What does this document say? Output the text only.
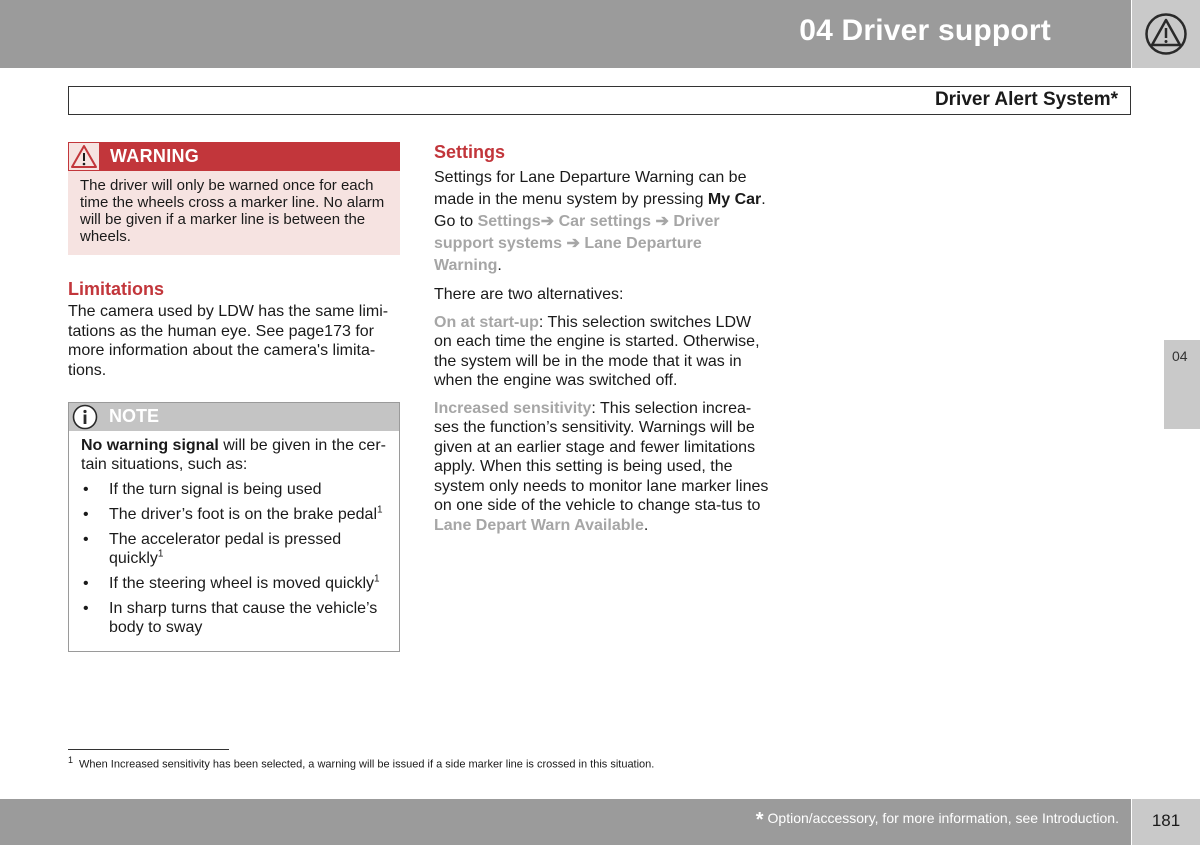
04 Driver support
Driver Alert System*
04
WARNING
The driver will only be warned once for each time the wheels cross a marker line. No alarm will be given if a marker line is between the wheels.
Limitations

The camera used by LDW has the same limi-tations as the human eye. See page173 for more information about the camera's limita-tions.

NOTE

No warning signal will be given in the cer-tain situations, such as:

• If the turn signal is being used
• The driver’s foot is on the brake pedal$^1$
• The accelerator pedal is pressed quickly$^1$
• If the steering wheel is moved quickly$^1$
• In sharp turns that cause the vehicle’s body to sway
Settings

Settings for Lane Departure Warning can be made in the menu system by pressing My Car. Go to Settings➔ Car settings ➔ Driver support systems ➔ Lane Departure Warning.

There are two alternatives:

On at start-up: This selection switches LDW on each time the engine is started. Otherwise, the system will be in the mode that it was in when the engine was switched off.

Increased sensitivity: This selection increa-ses the function’s sensitivity. Warnings will be given at an earlier stage and fewer limitations apply. When this setting is being used, the system only needs to monitor lane marker lines on one side of the vehicle to change sta-tus to Lane Depart Warn Available.

$^1$ When Increased sensitivity has been selected, a warning will be issued if a side marker line is crossed in this situation.
* Option/accessory, for more information, see Introduction.	181
